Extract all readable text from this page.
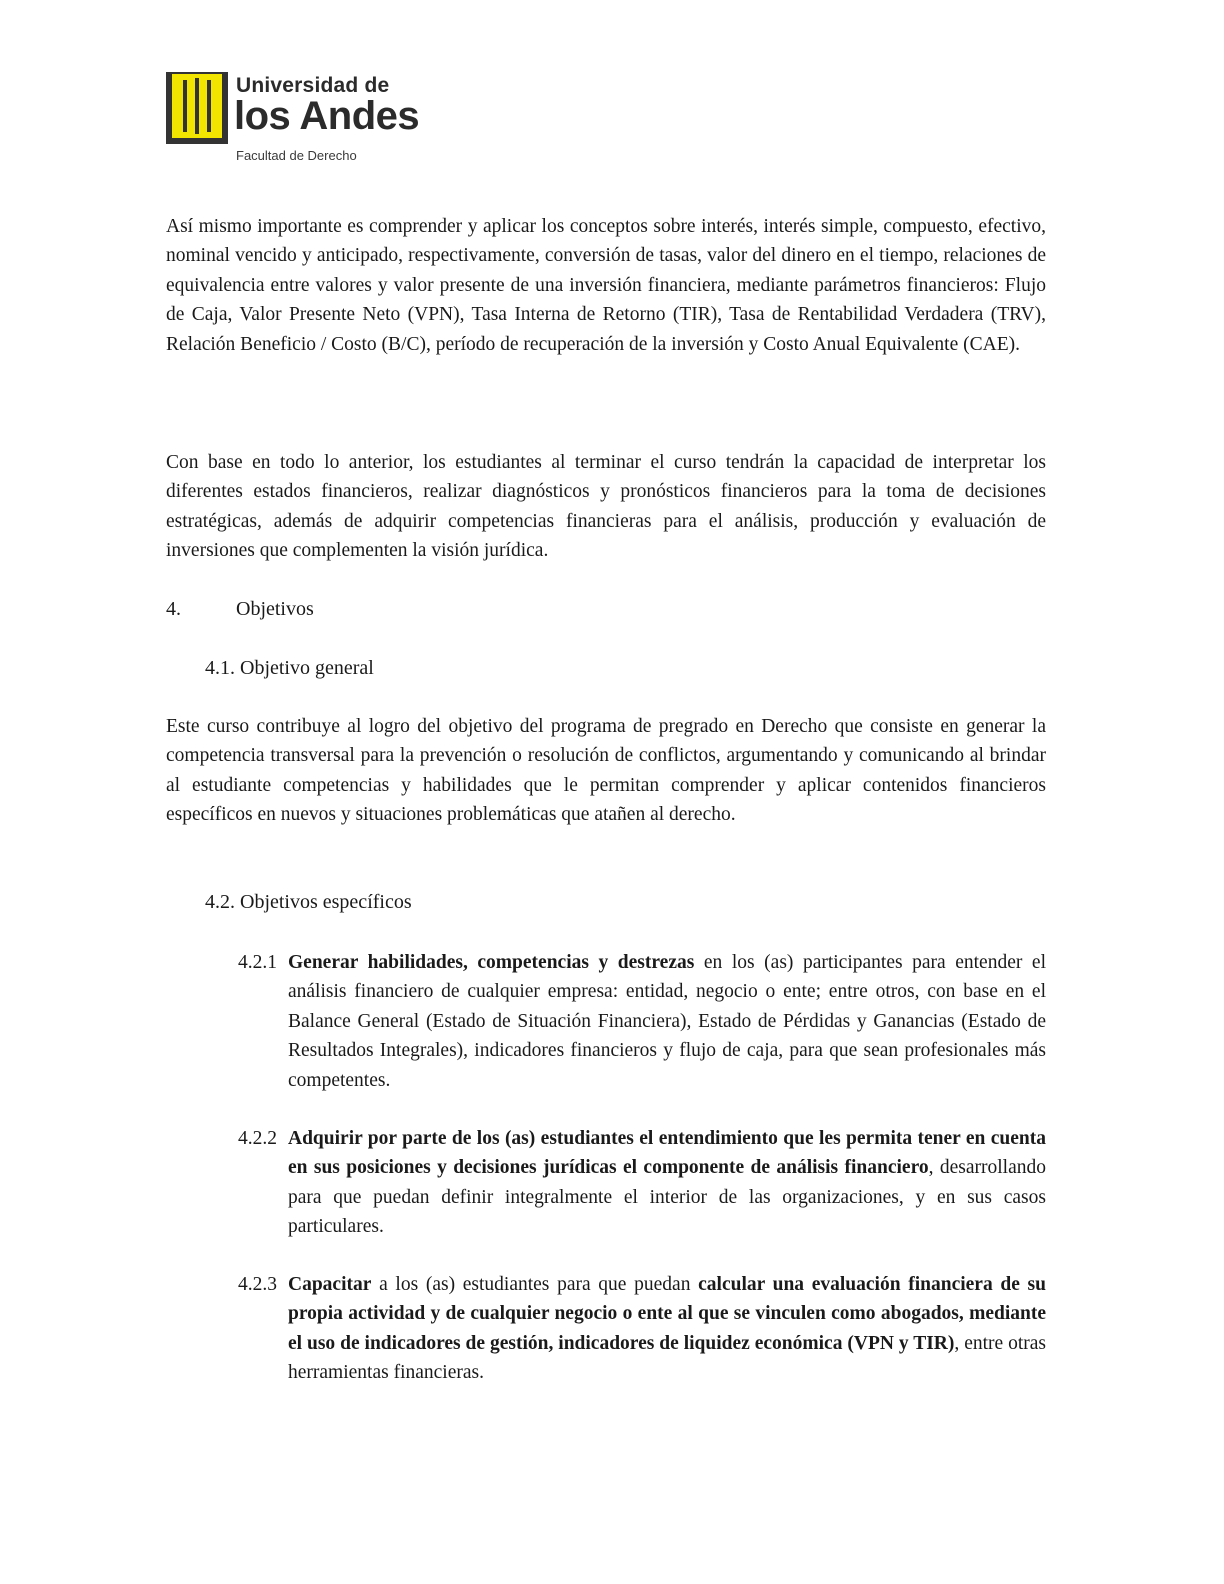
Universidad de
los Andes
Facultad de Derecho

Así mismo importante es comprender y aplicar los conceptos sobre interés, interés simple, compuesto, efectivo, nominal vencido y anticipado, respectivamente, conversión de tasas, valor del dinero en el tiempo, relaciones de equivalencia entre valores y valor presente de una inversión financiera, mediante parámetros financieros: Flujo de Caja, Valor Presente Neto (VPN), Tasa Interna de Retorno (TIR), Tasa de Rentabilidad Verdadera (TRV), Relación Beneficio / Costo (B/C), período de recuperación de la inversión y Costo Anual Equivalente (CAE).

Con base en todo lo anterior, los estudiantes al terminar el curso tendrán la capacidad de interpretar los diferentes estados financieros, realizar diagnósticos y pronósticos financieros para la toma de decisiones estratégicas, además de adquirir competencias financieras para el análisis, producción y evaluación de inversiones que complementen la visión jurídica.

4.	Objetivos
4.1. Objetivo general

Este curso contribuye al logro del objetivo del programa de pregrado en Derecho que consiste en generar la competencia transversal para la prevención o resolución de conflictos, argumentando y comunicando al brindar al estudiante competencias y habilidades que le permitan comprender y aplicar contenidos financieros específicos en nuevos y situaciones problemáticas que atañen al derecho.

4.2. Objetivos específicos
4.2.1 Generar habilidades, competencias y destrezas en los (as) participantes para entender el análisis financiero de cualquier empresa: entidad, negocio o ente; entre otros, con base en el Balance General (Estado de Situación Financiera), Estado de Pérdidas y Ganancias (Estado de Resultados Integrales), indicadores financieros y flujo de caja, para que sean profesionales más competentes.
4.2.2 Adquirir por parte de los (as) estudiantes el entendimiento que les permita tener en cuenta en sus posiciones y decisiones jurídicas el componente de análisis financiero, desarrollando para que puedan definir integralmente el interior de las organizaciones, y en sus casos particulares.
4.2.3 Capacitar a los (as) estudiantes para que puedan calcular una evaluación financiera de su propia actividad y de cualquier negocio o ente al que se vinculen como abogados, mediante el uso de indicadores de gestión, indicadores de liquidez económica (VPN y TIR), entre otras herramientas financieras.
